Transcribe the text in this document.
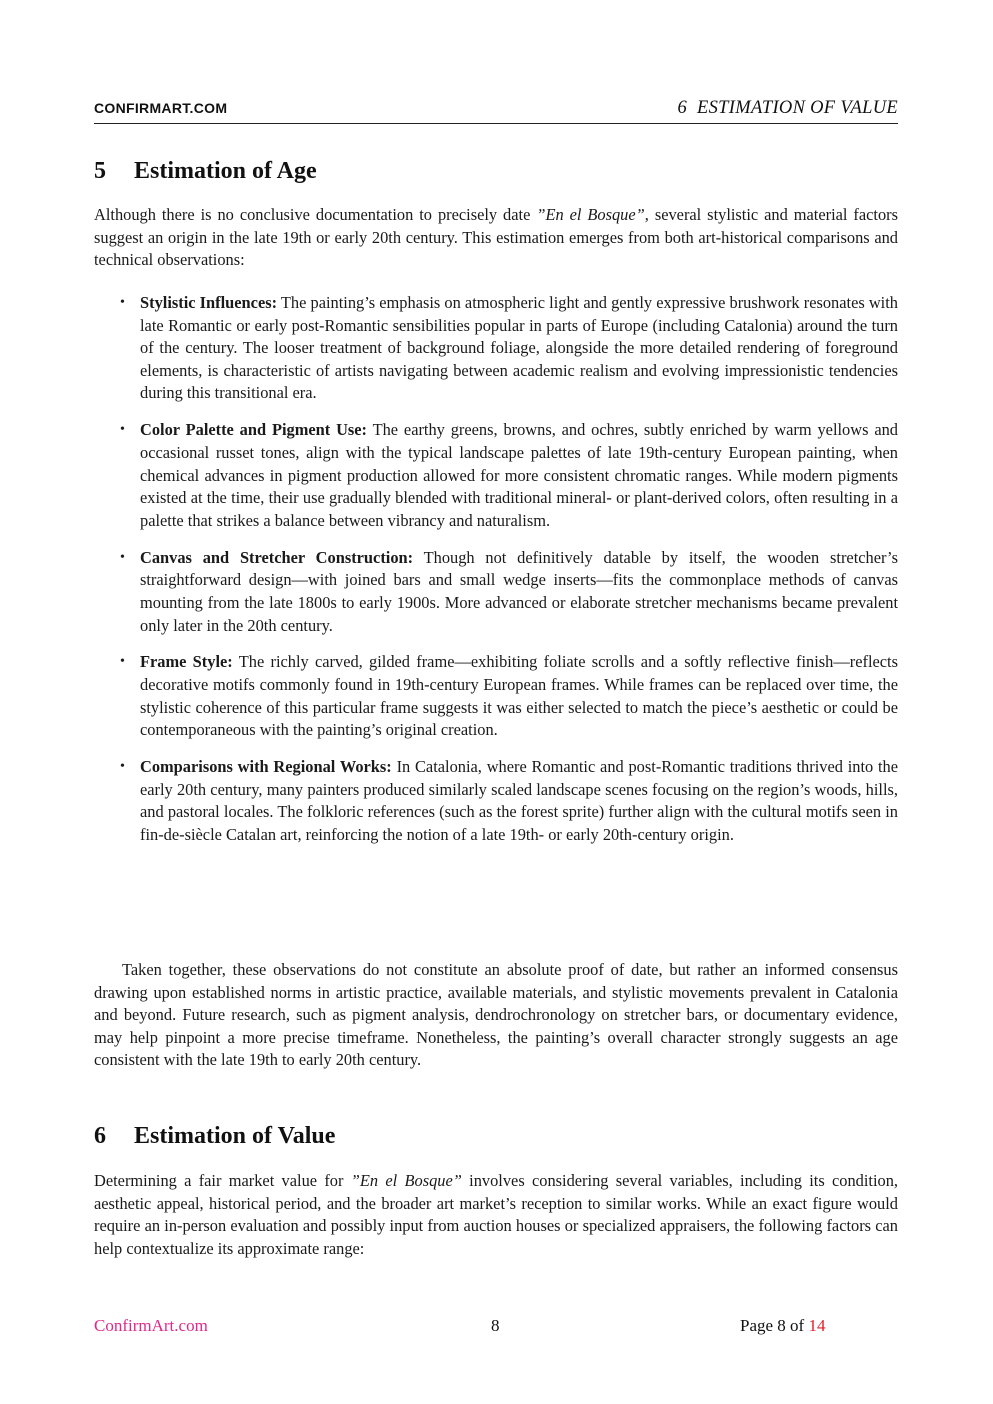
CONFIRMART.COM	6 ESTIMATION OF VALUE
5 Estimation of Age

Although there is no conclusive documentation to precisely date ”En el Bosque”, several stylistic and material factors suggest an origin in the late 19th or early 20th century. This estimation emerges from both art-historical comparisons and technical observations:

• Stylistic Influences: The painting’s emphasis on atmospheric light and gently expressive brushwork resonates with late Romantic or early post-Romantic sensibilities popular in parts of Europe (including Catalonia) around the turn of the century. The looser treatment of background foliage, alongside the more detailed rendering of foreground elements, is characteristic of artists navigating between academic realism and evolving impressionistic tendencies during this transitional era.
• Color Palette and Pigment Use: The earthy greens, browns, and ochres, subtly enriched by warm yellows and occasional russet tones, align with the typical landscape palettes of late 19th-century European painting, when chemical advances in pigment production allowed for more consistent chromatic ranges. While modern pigments existed at the time, their use gradually blended with traditional mineral- or plant-derived colors, often resulting in a palette that strikes a balance between vibrancy and naturalism.
• Canvas and Stretcher Construction: Though not definitively datable by itself, the wooden stretcher’s straightforward design—with joined bars and small wedge inserts—fits the commonplace methods of canvas mounting from the late 1800s to early 1900s. More advanced or elaborate stretcher mechanisms became prevalent only later in the 20th century.
• Frame Style: The richly carved, gilded frame—exhibiting foliate scrolls and a softly reflective finish—reflects decorative motifs commonly found in 19th-century European frames. While frames can be replaced over time, the stylistic coherence of this particular frame suggests it was either selected to match the piece’s aesthetic or could be contemporaneous with the painting’s original creation.
• Comparisons with Regional Works: In Catalonia, where Romantic and post-Romantic traditions thrived into the early 20th century, many painters produced similarly scaled landscape scenes focusing on the region’s woods, hills, and pastoral locales. The folkloric references (such as the forest sprite) further align with the cultural motifs seen in fin-de-siècle Catalan art, reinforcing the notion of a late 19th- or early 20th-century origin.

Taken together, these observations do not constitute an absolute proof of date, but rather an informed consensus drawing upon established norms in artistic practice, available materials, and stylistic movements prevalent in Catalonia and beyond. Future research, such as pigment analysis, dendrochronology on stretcher bars, or documentary evidence, may help pinpoint a more precise timeframe. Nonetheless, the painting’s overall character strongly suggests an age consistent with the late 19th to early 20th century.

6 Estimation of Value

Determining a fair market value for ”En el Bosque” involves considering several variables, including its condition, aesthetic appeal, historical period, and the broader art market’s reception to similar works. While an exact figure would require an in-person evaluation and possibly input from auction houses or specialized appraisers, the following factors can help contextualize its approximate range:

ConfirmArt.com	8	Page 8 of 14
